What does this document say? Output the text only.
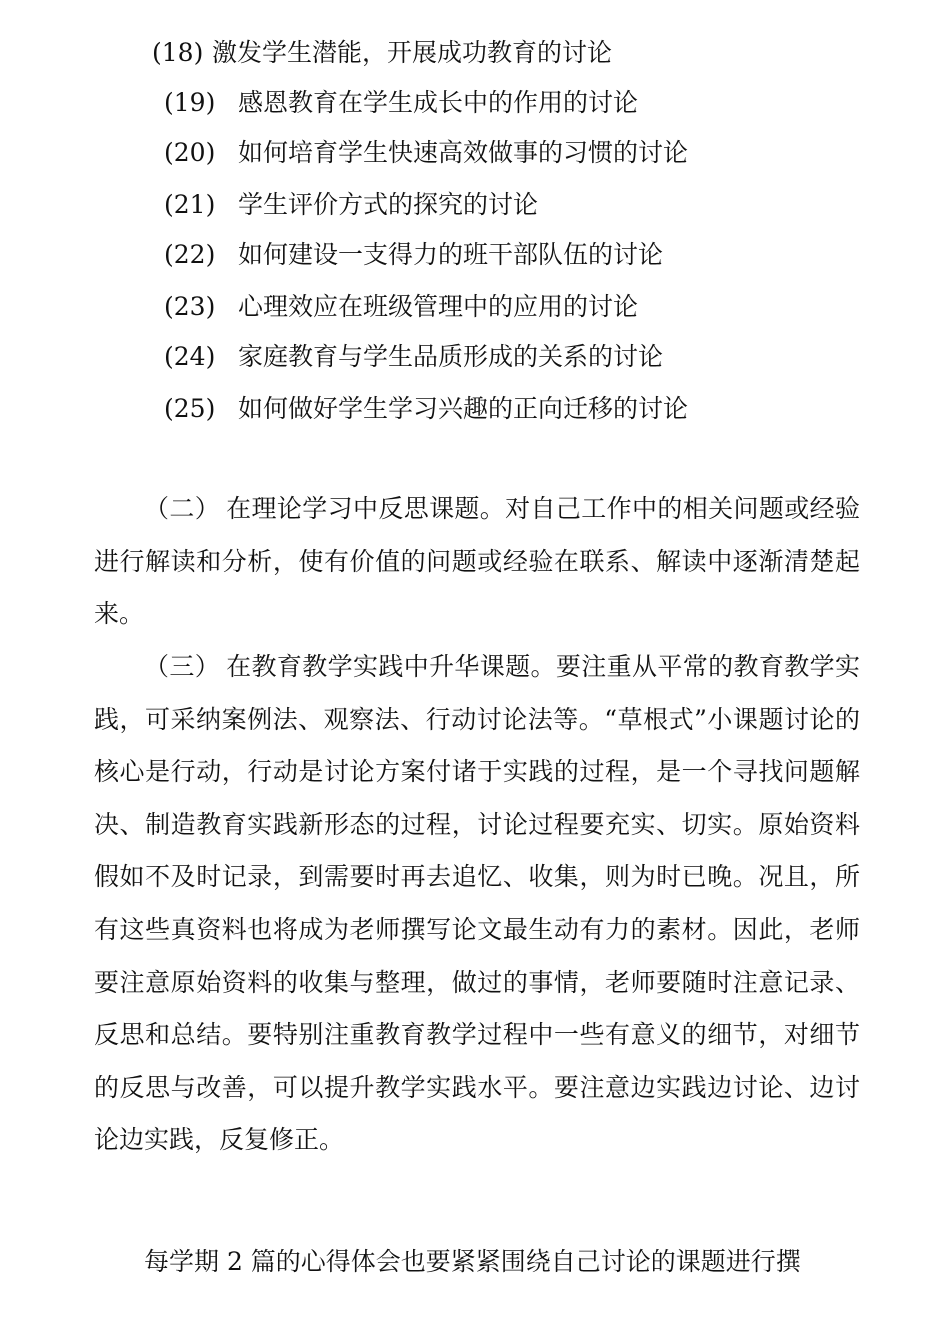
(18) 激发学生潜能，开展成功教育的讨论
(19) 感恩教育在学生成长中的作用的讨论
(20) 如何培育学生快速高效做事的习惯的讨论
(21) 学生评价方式的探究的讨论
(22) 如何建设一支得力的班干部队伍的讨论
(23) 心理效应在班级管理中的应用的讨论
(24) 家庭教育与学生品质形成的关系的讨论
(25) 如何做好学生学习兴趣的正向迁移的讨论

（二） 在理论学习中反思课题。对自己工作中的相关问题或经验进行解读和分析，使有价值的问题或经验在联系、解读中逐渐清楚起来。

（三） 在教育教学实践中升华课题。要注重从平常的教育教学实践，可采纳案例法、观察法、行动讨论法等。“草根式”小课题讨论的核心是行动，行动是讨论方案付诸于实践的过程，是一个寻找问题解决、制造教育实践新形态的过程，讨论过程要充实、切实。原始资料假如不及时记录，到需要时再去追忆、收集，则为时已晚。况且，所有这些真资料也将成为老师撰写论文最生动有力的素材。因此，老师要注意原始资料的收集与整理，做过的事情，老师要随时注意记录、反思和总结。要特别注重教育教学过程中一些有意义的细节，对细节的反思与改善，可以提升教学实践水平。要注意边实践边讨论、边讨论边实践，反复修正。

每学期 2 篇的心得体会也要紧紧围绕自己讨论的课题进行撰
